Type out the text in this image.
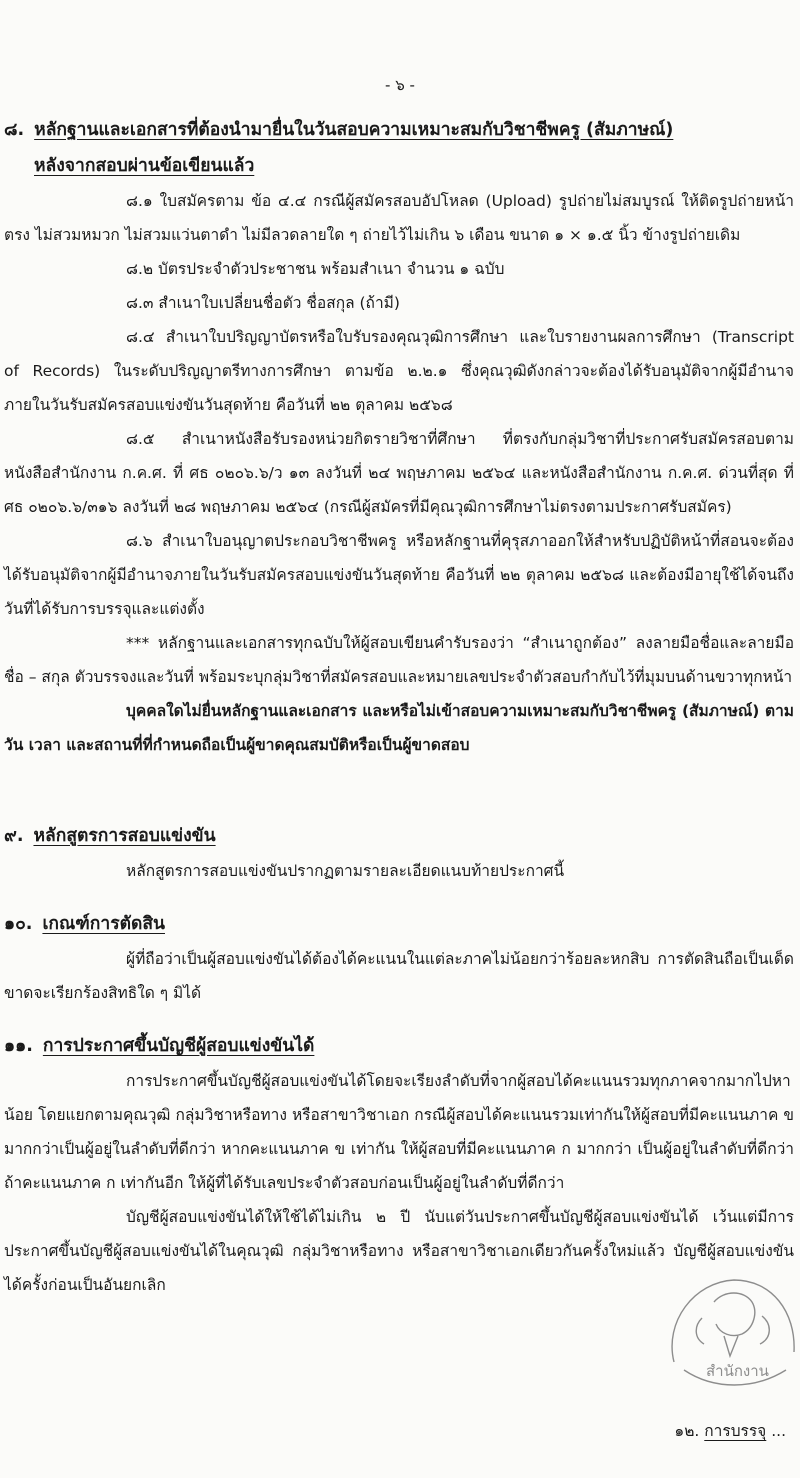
- ๖ -
๘. หลักฐานและเอกสารที่ต้องนำมายื่นในวันสอบความเหมาะสมกับวิชาชีพครู (สัมภาษณ์)
หลังจากสอบผ่านข้อเขียนแล้ว

๘.๑ ใบสมัครตาม ข้อ ๔.๔ กรณีผู้สมัครสอบอัปโหลด (Upload) รูปถ่ายไม่สมบูรณ์ ให้ติดรูปถ่ายหน้าตรง ไม่สวมหมวก ไม่สวมแว่นตาดำ ไม่มีลวดลายใด ๆ ถ่ายไว้ไม่เกิน ๖ เดือน ขนาด ๑ × ๑.๕ นิ้ว ข้างรูปถ่ายเดิม

๘.๒ บัตรประจำตัวประชาชน พร้อมสำเนา จำนวน ๑ ฉบับ

๘.๓ สำเนาใบเปลี่ยนชื่อตัว ชื่อสกุล (ถ้ามี)

๘.๔ สำเนาใบปริญญาบัตรหรือใบรับรองคุณวุฒิการศึกษา และใบรายงานผลการศึกษา (Transcript of Records) ในระดับปริญญาตรีทางการศึกษา ตามข้อ ๒.๒.๑ ซึ่งคุณวุฒิดังกล่าวจะต้องได้รับอนุมัติจากผู้มีอำนาจภายในวันรับสมัครสอบแข่งขันวันสุดท้าย คือวันที่ ๒๒ ตุลาคม ๒๕๖๘

๘.๕ สำเนาหนังสือรับรองหน่วยกิตรายวิชาที่ศึกษา ที่ตรงกับกลุ่มวิชาที่ประกาศรับสมัครสอบตามหนังสือสำนักงาน ก.ค.ศ. ที่ ศธ ๐๒๐๖.๖/ว ๑๓ ลงวันที่ ๒๔ พฤษภาคม ๒๕๖๔ และหนังสือสำนักงาน ก.ค.ศ. ด่วนที่สุด ที่ ศธ ๐๒๐๖.๖/๓๑๖ ลงวันที่ ๒๘ พฤษภาคม ๒๕๖๔ (กรณีผู้สมัครที่มีคุณวุฒิการศึกษาไม่ตรงตามประกาศรับสมัคร)

๘.๖ สำเนาใบอนุญาตประกอบวิชาชีพครู หรือหลักฐานที่คุรุสภาออกให้สำหรับปฏิบัติหน้าที่สอนจะต้องได้รับอนุมัติจากผู้มีอำนาจภายในวันรับสมัครสอบแข่งขันวันสุดท้าย คือวันที่ ๒๒ ตุลาคม ๒๕๖๘ และต้องมีอายุใช้ได้จนถึงวันที่ได้รับการบรรจุและแต่งตั้ง

*** หลักฐานและเอกสารทุกฉบับให้ผู้สอบเขียนคำรับรองว่า “สำเนาถูกต้อง” ลงลายมือชื่อและลายมือชื่อ – สกุล ตัวบรรจงและวันที่ พร้อมระบุกลุ่มวิชาที่สมัครสอบและหมายเลขประจำตัวสอบกำกับไว้ที่มุมบนด้านขวาทุกหน้า

บุคคลใดไม่ยื่นหลักฐานและเอกสาร และหรือไม่เข้าสอบความเหมาะสมกับวิชาชีพครู (สัมภาษณ์) ตามวัน เวลา และสถานที่ที่กำหนดถือเป็นผู้ขาดคุณสมบัติหรือเป็นผู้ขาดสอบ

๙. หลักสูตรการสอบแข่งขัน

หลักสูตรการสอบแข่งขันปรากฏตามรายละเอียดแนบท้ายประกาศนี้

๑๐. เกณฑ์การตัดสิน

ผู้ที่ถือว่าเป็นผู้สอบแข่งขันได้ต้องได้คะแนนในแต่ละภาคไม่น้อยกว่าร้อยละหกสิบ การตัดสินถือเป็นเด็ดขาดจะเรียกร้องสิทธิใด ๆ มิได้

๑๑. การประกาศขึ้นบัญชีผู้สอบแข่งขันได้

การประกาศขึ้นบัญชีผู้สอบแข่งขันได้โดยจะเรียงลำดับที่จากผู้สอบได้คะแนนรวมทุกภาคจากมากไปหาน้อย โดยแยกตามคุณวุฒิ กลุ่มวิชาหรือทาง หรือสาขาวิชาเอก กรณีผู้สอบได้คะแนนรวมเท่ากันให้ผู้สอบที่มีคะแนนภาค ข มากกว่าเป็นผู้อยู่ในลำดับที่ดีกว่า หากคะแนนภาค ข เท่ากัน ให้ผู้สอบที่มีคะแนนภาค ก มากกว่า เป็นผู้อยู่ในลำดับที่ดีกว่า ถ้าคะแนนภาค ก เท่ากันอีก ให้ผู้ที่ได้รับเลขประจำตัวสอบก่อนเป็นผู้อยู่ในลำดับที่ดีกว่า

บัญชีผู้สอบแข่งขันได้ให้ใช้ได้ไม่เกิน ๒ ปี นับแต่วันประกาศขึ้นบัญชีผู้สอบแข่งขันได้ เว้นแต่มีการประกาศขึ้นบัญชีผู้สอบแข่งขันได้ในคุณวุฒิ กลุ่มวิชาหรือทาง หรือสาขาวิชาเอกเดียวกันครั้งใหม่แล้ว บัญชีผู้สอบแข่งขันได้ครั้งก่อนเป็นอันยกเลิก

สำนักงาน
๑๒. การบรรจุ ...
